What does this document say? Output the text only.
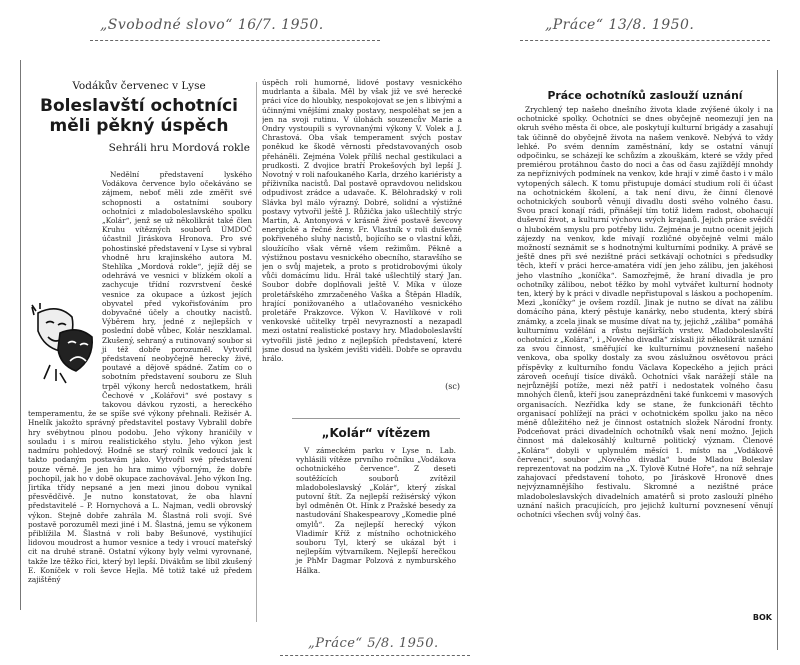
„Svobodné slovo“ 16/7. 1950.	„Práce“ 13/8. 1950.
„Práce“ 5/8. 1950.
Vodákův červenec v Lyse
Boleslavští ochotníci
měli pěkný úspěch
Sehráli hru Mordová rokle

Nedělní představení lyského Vodákova července bylo očekáváno se zájmem, neboť měli zde změřit své schopnosti a ostatními soubory ochotníci z mladoboleslavského spolku „Kolár“, jenž se už několikrát také člen Kruhu vítězných souborů ÚMDOČ účastnil Jiráskova Hronova. Pro své pohostinské představení v Lyse si vybral vhodně hru krajinského autora M. Stehlíka „Mordová rokle“, jejíž děj se odehrává ve vesnici v blízkém okolí a zachycuje třídní rozvrstvení české vesnice za okupace a úzkost jejích obyvatel před vykořisťováním pro dobyvačné účely a choutky nacistů. Výběrem hry, jedné z nejlepších v poslední době vůbec, Kolár neszklamal. Zkušený, sehraný a rutinovaný soubor si ji též dobře porozuměl. Vytvořil představení neobyčejně herecky živé, poutavé a dějově spádné. Zatím co o sobotním představení souboru ze Sluh trpěl výkony herců nedostatkem, hráli Čechové v „Kolářovi“ své postavy s takovou dávkou ryzosti, a hereckého temperamentu, že se spíše své výkony přehnali. Režisér A. Hnelík jakožto správný představitel postavy Vybralil dobře hry svébytnou plnou podobu. Jeho výkony hraničily v souladu i s mírou realistického stylu. Jeho výkon jest nadmíru pohledový. Hodně se starý rolník vedoucí jak k takto podaným postavám jako. Vytvořil své představení pouze věrně. Je jen ho hra mimo výborným, že dobře pochopil, jak ho v době okupace zachovával. Jeho výkon Ing. Jirtíka třídy nepsané a jen mezi jinou dobou vynikal přesvědčivě. Je nutno konstatovat, že oba hlavní představitelé – P. Hornychová a L. Najman, vedli obrovský výkon. Stejně dobře zahrála M. Šlastná roli svojí. Své postavě porozuměl mezi jiné i M. Šlastná, jemu se výkonem přiblížila M. Šlastná v roli baby Bešunové, vystihující lidovou moudrost a humor vesnice a tedy i vroucí mateřský cit na druhé straně. Ostatní výkony byly velmi vyrovnané, takže lze těžko říci, který byl lepší. Divákům se líbil zkušený E. Koníček v roli ševce Hejla. Mě totiž také už předem zajištěný

úspěch roli humorné, lidové postavy vesnického mudrlanta a šibala. Měl by však již ve své herecké práci více do hloubky, nespokojovat se jen s libivými a účinnými vnějšími znaky postavy, nespoléhat se jen a jen na svoji rutinu. V úlohách souzencův Marie a Ondry vystoupili s vyrovnanými výkony V. Volek a J. Chrastová. Oba však temperament svých postav poněkud ke škodě věrnosti představovaných osob přeháněli. Zejména Volek příliš nechal gestikulaci a prudkosti. Z dvojice bratří Prokešových byl lepší J. Novotný v roli nafoukaného Karla, drzého kariéristy a příživníka nacistů. Dal postavě opravdovou nelidskou odpudivost zrádce a udavače. K. Bělohradský v roli Slávka byl málo výrazný. Dobré, solidní a výstižné postavy vytvořil ještě J. Růžička jako ušlechtilý strýc Martin, A. Antonyová v krásně živé postavě ševcovy energické a řečné ženy. Fr. Vlastník v roli duševně pokřiveného sluhy nacistů, bojícího se o vlastní kůži, sloužícího však věrně všem režimům. Pěkně a výstižnou postavu vesnického obecního, staravšího se jen o svůj majetek, a proto s protidrobovými úkoly vůči domácímu lidu. Hrál také ušlechtilý starý Jan. Soubor dobře doplňovali ještě V. Míka v úloze proletářského zmrzačeného Vaška a Štěpán Hladík, hrající ponižovaného a utlačovaného vesnického proletáře Prakzovce. Výkon V. Havlíkové v roli venkovské učitelky trpěl nevyrazností a nezapadl mezi ostatní realistické postavy hry. Mladoboleslavští vytvořili jistě jedno z nejlepších představení, které jsme dosud na lyském jevišti viděli. Dobře se opravdu hrálo.

(sc)
„Kolár“ vítězem

V zámeckém parku v Lyse n. Lab. vyhlásili vítěze prvního ročníku „Vodákova ochotnického července“. Z deseti soutěžících souborů zvítězil mladoboleslavský „Kolár“, který získal putovní štít. Za nejlepší režisérský výkon byl odměněn Ot. Hink z Pražské besedy za nastudování Shakespearovy „Komedie plné omylů“. Za nejlepší herecký výkon Vladimír Kříž z místního ochotnického souboru Tyl, který se ukázal být i nejlepším výtvarníkem. Nejlepší herečkou je PhMr Dagmar Polzová z nymburského Hálka.

Práce ochotníků zaslouží uznání

Zrychlený tep našeho dnešního života klade zvýšené úkoly i na ochotnické spolky. Ochotníci se dnes obyčejně neomezují jen na okruh svého města či obce, ale poskytují kulturní brigády a zasahují tak účinně do obyčejně života na našem venkově. Nebývá to vždy lehké. Po svém denním zaměstnání, kdy se ostatní vánují odpočinku, se scházejí ke schůzím a zkouškám, které se vždy před premiérou protáhnou často do noci a čas od času zajíždějí mnohdy za nepříznivých podmínek na venkov, kde hrají v zimě často i v málo vytopených sálech. K tomu přistupuje domácí studium rolí či účast na ochotnickém školení, a tak není divu, že činní členové ochotnických souborů věnují divadlu dosti svého volného času. Svou prací konají rádi, přinášejí tím totiž lidem radost, obohacují duševní život, a kulturní výchovu svých krajanů. Jejich práce svědčí o hlubokém smyslu pro potřeby lidu. Zejména je nutno ocenit jejich zájezdy na venkov, kde mívají rozličné obyčejně velmi málo možností seznámit se s hodnotnými kulturními podniky. A právě se ještě dnes při své nezištné práci setkávají ochotníci s předsudky těch, kteří v práci herce-amatéra vidí jen jeho zálibu, jen jakéhosi jeho vlastního „koníčka“. Samozřejmě, že hraní divadla je pro ochotníky zálibou, nebot těžko by mohl vytvářet kulturní hodnoty ten, který by k práci v divadle nepřistupoval s láskou a pochopením. Mezi „koníčky“ je ovšem rozdíl. Jinak je nutno se dívat na zálibu domácího pána, který pěstuje kanárky, nebo studenta, který sbírá známky, a zcela jinak se musíme dívat na ty, jejichž „záliba“ pomáhá kulturnímu vzdělání a růstu nejširších vrstev. Mladoboleslavští ochotníci z „Kolára“, i „Nového divadla“ získali již několikrát uznání za svou činnost, směřující ke kulturnímu povznesení našeho venkova, oba spolky dostaly za svou záslužnou osvětovou práci příspěvky z kulturního fondu Václava Kopeckého a jejich práci zároveň oceňují tisíce diváků. Ochotníci však narážejí stále na nejrůznější potíže, mezi něž patří i nedostatek volného času mnohých členů, kteří jsou zaneprázdněni také funkcemi v masových organisacích. Nezřídka kdy se stane, že funkcionáři těchto organisací pohlížejí na práci v ochotnickém spolku jako na něco méně důležitého než je činnost ostatních složek Národní fronty. Podceňovat práci divadelních ochotníků však není možno. Jejich činnost má dalekosáhlý kulturně politický význam. Členové „Kolára“ dobyli v uplynulém měsíci 1. místo na „Vodákově červenci“, soubor „Nového divadla“ bude Mladou Boleslav reprezentovat na podzim na „X. Tylově Kutné Hoře“, na níž sehraje zahajovací představení tohoto, po Jiráskově Hronově dnes nejvýznamnějšího festivalu. Skromné a nezištné práce mladoboleslavských divadelních amatérů si proto zaslouží plného uznání našich pracujících, pro jejichž kulturní povznesení věnují ochotníci všechen svůj volný čas.

BOK
